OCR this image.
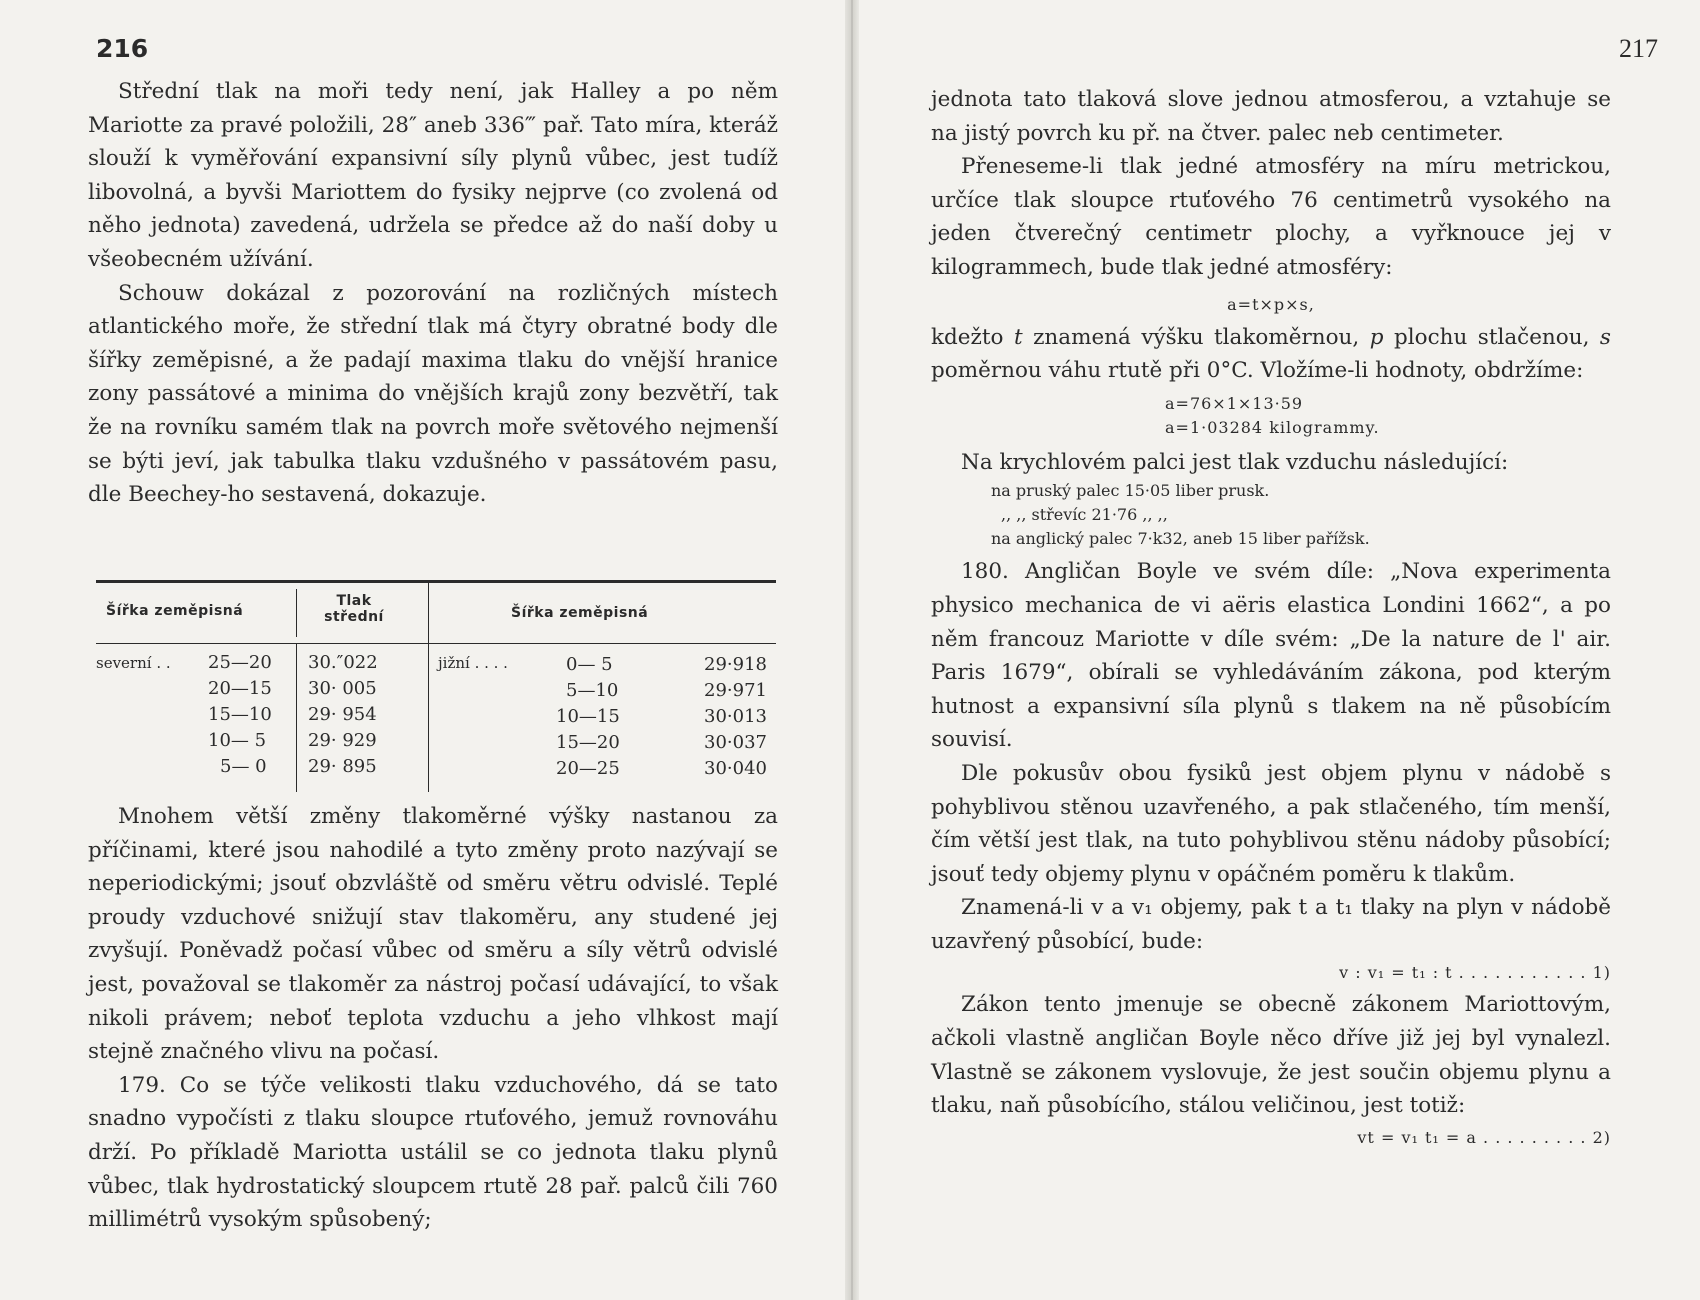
216

Střední tlak na moři tedy není, jak Halley a po něm Mariotte za pravé položili, 28″ aneb 336‴ pař. Tato míra, kteráž slouží k vyměřování expansivní síly plynů vůbec, jest tudíž libovolná, a byvši Mariottem do fysiky nejprve (co zvolená od něho jednota) zavedená, udržela se předce až do naší doby u všeobecném užívání.

Schouw dokázal z pozorování na rozličných místech atlantického moře, že střední tlak má čtyry obratné body dle šířky zeměpisné, a že padají maxima tlaku do vnější hranice zony passátové a minima do vnějších krajů zony bezvětří, tak že na rovníku samém tlak na povrch moře světového nejmenší se býti jeví, jak tabulka tlaku vzdušného v passátovém pasu, dle Beechey-ho sestavená, dokazuje.

Šířka zeměpisná
Tlak střední	Šířka zeměpisná
severní . . 25—20
20—15
15—10
10— 5
5— 0
30.″022
30· 005
29· 954
29· 929
29· 895
jižní . . . .	0— 5
5—10
10—15
15—20
20—25
29·918
29·971
30·013
30·037
30·040

Mnohem větší změny tlakoměrné výšky nastanou za příčinami, které jsou nahodilé a tyto změny proto nazývají se neperiodickými; jsouť obzvláště od směru větru odvislé. Teplé proudy vzduchové snižují stav tlakoměru, any studené jej zvyšují. Poněvadž počasí vůbec od směru a síly větrů odvislé jest, považoval se tlakoměr za nástroj počasí udávající, to však nikoli právem; neboť teplota vzduchu a jeho vlhkost mají stejně značného vlivu na počasí.

179. Co se týče velikosti tlaku vzduchového, dá se tato snadno vypočísti z tlaku sloupce rtuťového, jemuž rovnováhu drží. Po příkladě Mariotta ustálil se co jednota tlaku plynů vůbec, tlak hydrostatický sloupcem rtutě 28 pař. palců čili 760 millimétrů vysokým spůsobený;

217

jednota tato tlaková slove jednou atmosferou, a vztahuje se na jistý povrch ku př. na čtver. palec neb centimeter.

Přeneseme-li tlak jedné atmosféry na míru metrickou, určíce tlak sloupce rtuťového 76 centimetrů vysokého na jeden čtverečný centimetr plochy, a vyřknouce jej v kilogrammech, bude tlak jedné atmosféry:

a=t×p×s,

kdežto t znamená výšku tlakoměrnou, p plochu stlačenou, s poměrnou váhu rtutě při 0°C. Vložíme-li hodnoty, obdržíme:

a=76×1×13·59
a=1·03284 kilogrammy.

Na krychlovém palci jest tlak vzduchu následující:

na pruský palec 15·05 liber prusk.
,, ,, střevíc 21·76 ,, ,,
na anglický palec 7·k32, aneb 15 liber pařížsk.

180. Angličan Boyle ve svém díle: „Nova experimenta physico mechanica de vi aëris elastica Londini 1662“, a po něm francouz Mariotte v díle svém: „De la nature de l' air. Paris 1679“, obírali se vyhledáváním zákona, pod kterým hutnost a expansivní síla plynů s tlakem na ně působícím souvisí.

Dle pokusův obou fysiků jest objem plynu v nádobě s pohyblivou stěnou uzavřeného, a pak stlačeného, tím menší, čím větší jest tlak, na tuto pohyblivou stěnu nádoby působící; jsouť tedy objemy plynu v opáčném poměru k tlakům.

Znamená-li v a v₁ objemy, pak t a t₁ tlaky na plyn v nádobě uzavřený působící, bude:

v : v₁ = t₁ : t . . . . . . . . . . . 1)

Zákon tento jmenuje se obecně zákonem Mariottovým, ačkoli vlastně angličan Boyle něco dříve již jej byl vynalezl. Vlastně se zákonem vyslovuje, že jest součin objemu plynu a tlaku, naň působícího, stálou veličinou, jest totiž:

vt = v₁ t₁ = a . . . . . . . . . 2)
